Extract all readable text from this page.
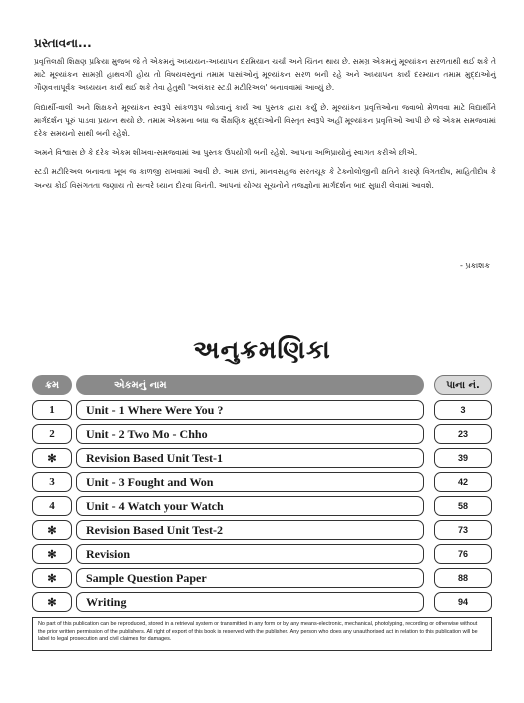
પ્રસ્તાવના...

પ્રવૃત્તિલક્ષી શિક્ષણ પ્રક્રિયા મુજબ જે તે એકમનું અધ્યયન-અધ્યાપન દરમિયાન ચર્ચા અને ચિંતન થાય છે. સમગ્ર એકમનું મૂલ્યાંકન સરળતાથી થઈ શકે તે માટે મૂલ્યાંકન સામગ્રી હાથવગી હોય તો વિષયવસ્તુનાં તમામ પાસાંઓનું મૂલ્યાંકન સરળ બની રહે અને અધ્યાપન કાર્ય દરમ્યાન તમામ મુદ્દાઓનું ગૌણવત્તાપૂર્વક અધ્યયન કાર્ય થઈ શકે તેવા હેતુથી 'અલંકાર સ્ટડી મટીરિઅલ' બનાવવામાં આવ્યું છે.

વિદ્યાર્થી-વાલી અને શિક્ષકને મૂલ્યાંકન સ્વરૂપે સાંકળરૂપ જોડવાનું કાર્ય આ પુસ્તક દ્વારા કર્યું છે. મૂલ્યાંકન પ્રવૃત્તિઓના જવાબો મેળવવા માટે વિદ્યાર્થીને માર્ગદર્શન પૂરું પાડવા પ્રયત્ન થયો છે. તમામ એકમના બધા જ શૈક્ષણિક મુદ્દાઓની વિસ્તૃત સ્વરૂપે અહીં મૂલ્યાંકન પ્રવૃત્તિઓ આપી છે જે એકમ સમજવામાં દરેક સમયનો સાથી બની રહેશે.

અમને વિશ્વાસ છે કે દરેક એકમ શીખવા-સમજવામાં આ પુસ્તક ઉપયોગી બની રહેશે. આપના અભિપ્રાયોનું સ્વાગત કરીએ છીએ.

સ્ટડી મટીરિઅલ બનાવતા ખૂબ જ કાળજી રાખવામાં આવી છે. આમ છતાં, માનવસહજ સરતચૂક કે ટેક્નોલોજીની ક્ષતિને કારણે વિગતદોષ, માહિતીદોષ કે અન્ય કોઈ વિસંગતતા જણાય તો સત્વરે ધ્યાન દોરવા વિનંતી. આપનાં યોગ્ય સૂચનોને તજજ્ઞોના માર્ગદર્શન બાદ સુધારી લેવામાં આવશે.

- પ્રકાશક
અનુક્રમણિકા
ક્રમ	એકમનું નામ	પાના નં.
1	Unit - 1 Where Were You ?	3
2	Unit - 2 Two Mo - Chho	23
✻	Revision Based Unit Test-1	39
3	Unit - 3 Fought and Won	42
4	Unit - 4 Watch your Watch	58
✻	Revision Based Unit Test-2	73
✻	Revision	76
✻	Sample Question Paper	88
✻	Writing	94
No part of this publication can be reproduced, stored in a retrieval system or transmitted in any form or by any means-electronic, mechanical, photolyping, recording or otherwise without the prior written permission of the publishers. All right of export of this book is reserved with the publisher. Any person who does any unauthorised act in relation to this publication will be label to legal prosecution and civil claimes for damages.
